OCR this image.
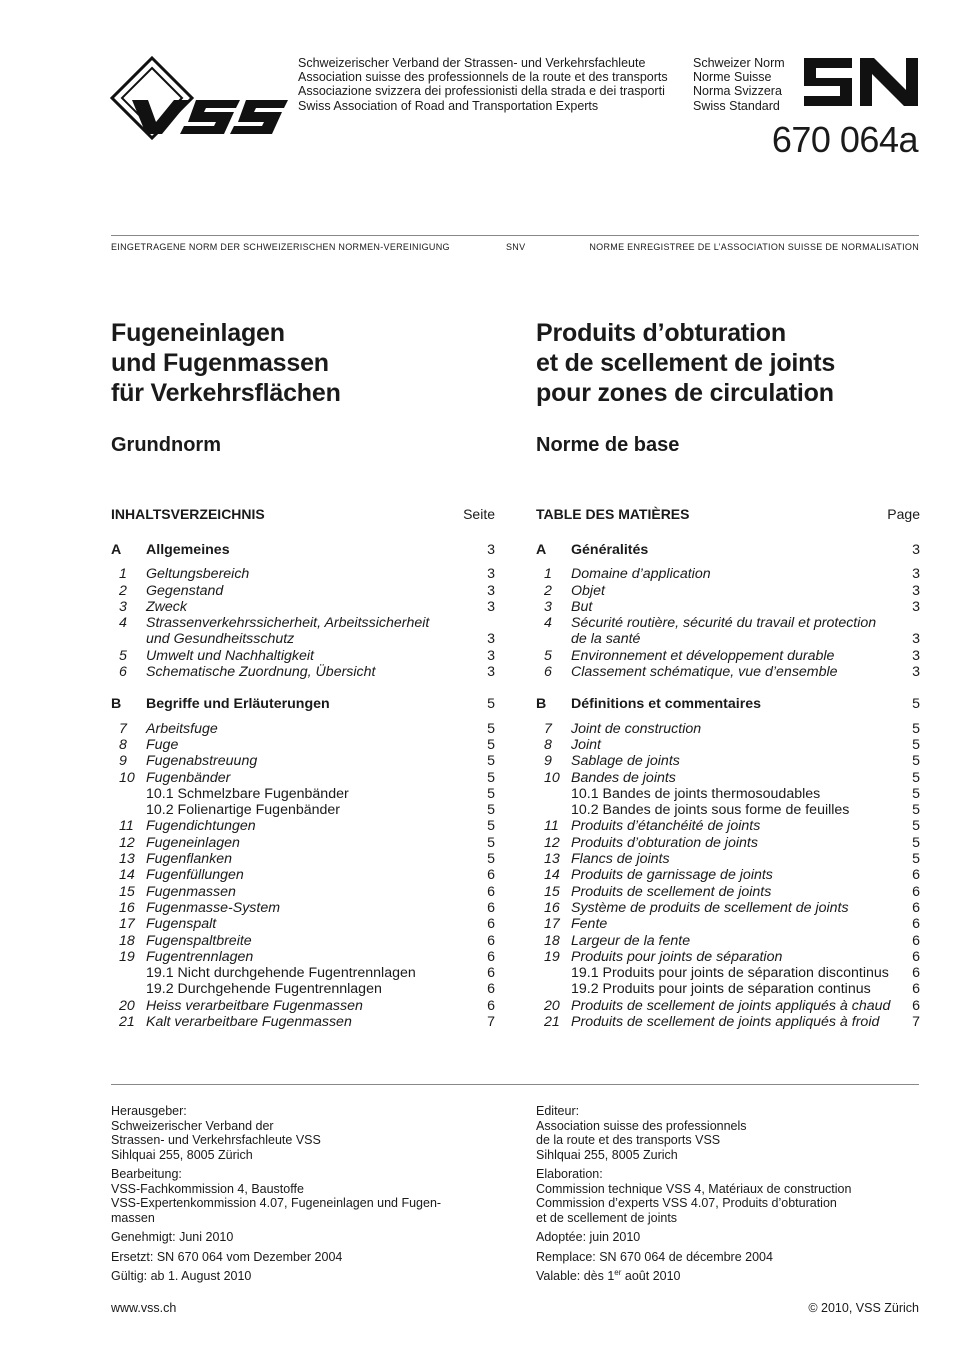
Schweizerischer Verband der Strassen- und Verkehrsfachleute
Association suisse des professionnels de la route et des transports
Associazione svizzera dei professionisti della strada e dei trasporti
Swiss Association of Road and Transportation Experts
Schweizer Norm
Norme Suisse
Norma Svizzera
Swiss Standard
670 064a
EINGETRAGENE NORM DER SCHWEIZERISCHEN NORMEN-VEREINIGUNG	SNV	NORME ENREGISTREE DE L’ASSOCIATION SUISSE DE NORMALISATION
Fugeneinlagen
und Fugenmassen
für Verkehrsflächen
Produits d’obturation
et de scellement de joints
pour zones de circulation
Grundnorm	Norme de base
INHALTSVERZEICHNIS	Seite
A	Allgemeines	3
1	Geltungsbereich	3
2	Gegenstand	3
3	Zweck	3
4	Strassenverkehrssicherheit, Arbeitssicherheit
und Gesundheitsschutz	3
5	Umwelt und Nachhaltigkeit	3
6	Schematische Zuordnung, Übersicht	3
B	Begriffe und Erläuterungen	5
7	Arbeitsfuge	5
8	Fuge	5
9	Fugenabstreuung	5
10 Fugenbänder	5
10.1 Schmelzbare Fugenbänder	5
10.2 Folienartige Fugenbänder	5
11 Fugendichtungen	5
12 Fugeneinlagen	5
13 Fugenflanken	5
14 Fugenfüllungen	6
15 Fugenmassen	6
16 Fugenmasse-System	6
17 Fugenspalt	6
18 Fugenspaltbreite	6
19 Fugentrennlagen	6
19.1 Nicht durchgehende Fugentrennlagen	6
19.2 Durchgehende Fugentrennlagen	6
20 Heiss verarbeitbare Fugenmassen	6
21 Kalt verarbeitbare Fugenmassen	7
TABLE DES MATIÈRES	Page
A	Généralités	3
1	Domaine d’application	3
2	Objet	3
3	But	3
4	Sécurité routière, sécurité du travail et protection
de la santé	3
5	Environnement et développement durable	3
6	Classement schématique, vue d’ensemble	3
B	Définitions et commentaires	5
7	Joint de construction	5
8	Joint	5
9	Sablage de joints	5
10 Bandes de joints	5
10.1 Bandes de joints thermosoudables	5
10.2 Bandes de joints sous forme de feuilles	5
11 Produits d’étanchéité de joints	5
12 Produits d’obturation de joints	5
13 Flancs de joints	5
14 Produits de garnissage de joints	6
15 Produits de scellement de joints	6
16 Système de produits de scellement de joints	6
17 Fente	6
18 Largeur de la fente	6
19 Produits pour joints de séparation	6
19.1 Produits pour joints de séparation discontinus	6
19.2 Produits pour joints de séparation continus	6
20 Produits de scellement de joints appliqués à chaud	6
21 Produits de scellement de joints appliqués à froid	7
Herausgeber:
Schweizerischer Verband der
Strassen- und Verkehrsfachleute VSS
Sihlquai 255, 8005 Zürich
Bearbeitung:
VSS-Fachkommission 4, Baustoffe
VSS-Expertenkommission 4.07, Fugeneinlagen und Fugen-
massen
Genehmigt: Juni 2010
Ersetzt: SN 670 064 vom Dezember 2004
Gültig: ab 1. August 2010
Editeur:
Association suisse des professionnels
de la route et des transports VSS
Sihlquai 255, 8005 Zurich
Elaboration:
Commission technique VSS 4, Matériaux de construction
Commission d’experts VSS 4.07, Produits d’obturation
et de scellement de joints
Adoptée: juin 2010
Remplace: SN 670 064 de décembre 2004
Valable: dès 1er août 2010
www.vss.ch	© 2010, VSS Zürich
